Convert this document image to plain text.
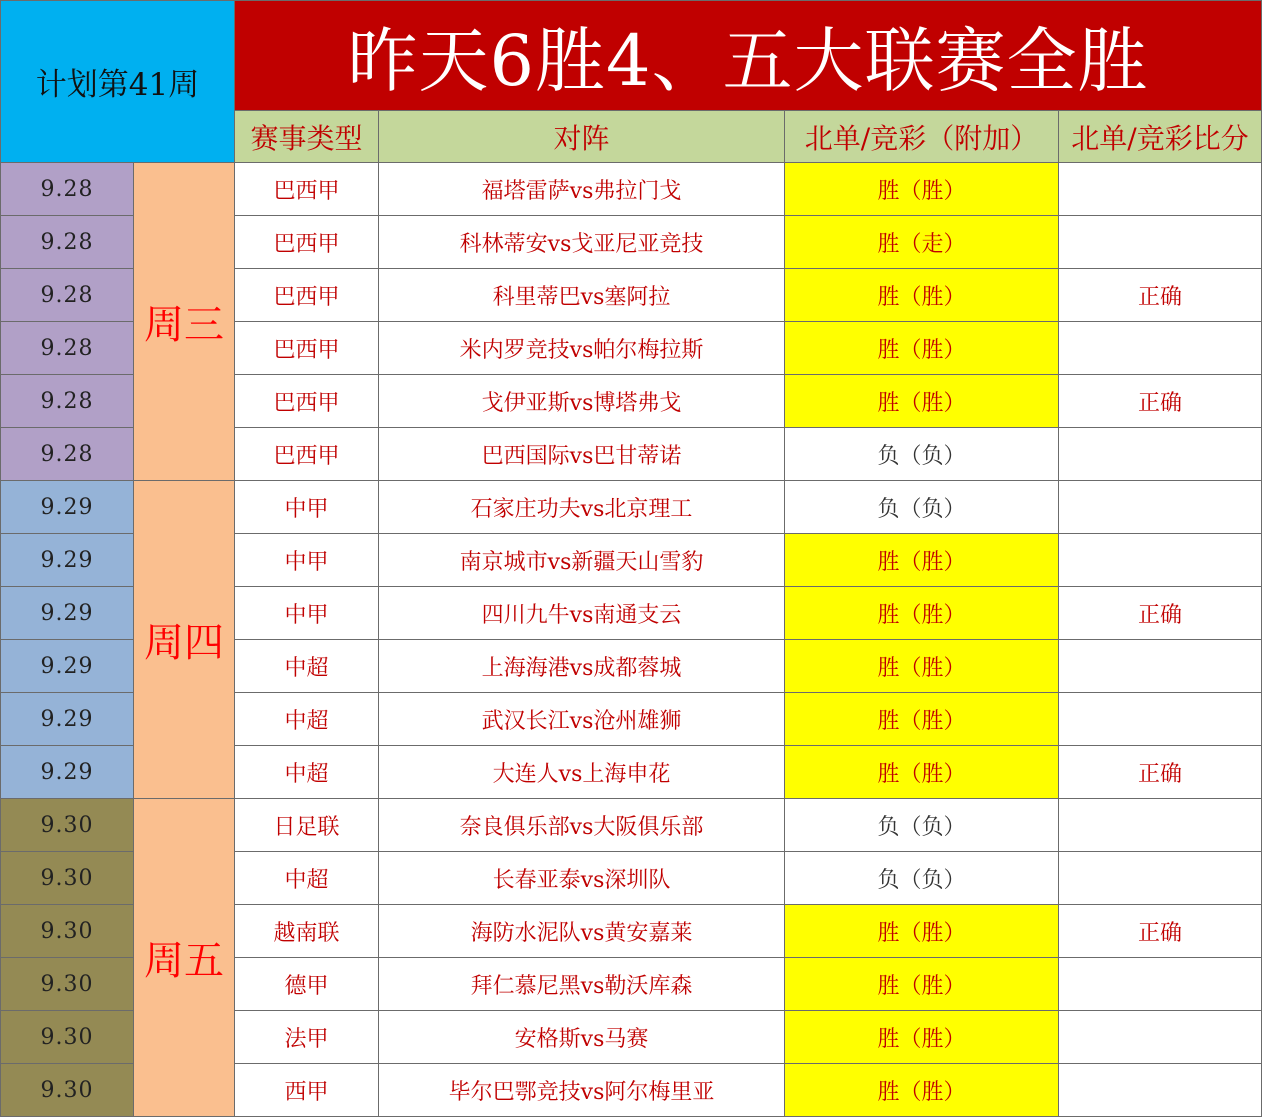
计划第41周		昨天6胜4、五大联赛全胜			
		赛事类型	对阵	北单/竞彩（附加）	北单/竞彩比分
9.28	周三	巴西甲	福塔雷萨vs弗拉门戈	胜（胜）	
9.28		巴西甲	科林蒂安vs戈亚尼亚竞技	胜（走）	
9.28		巴西甲	科里蒂巴vs塞阿拉	胜（胜）	正确
9.28		巴西甲	米内罗竞技vs帕尔梅拉斯	胜（胜）	
9.28		巴西甲	戈伊亚斯vs博塔弗戈	胜（胜）	正确
9.28		巴西甲	巴西国际vs巴甘蒂诺	负（负）	
9.29	周四	中甲	石家庄功夫vs北京理工	负（负）	
9.29		中甲	南京城市vs新疆天山雪豹	胜（胜）	
9.29		中甲	四川九牛vs南通支云	胜（胜）	正确
9.29		中超	上海海港vs成都蓉城	胜（胜）	
9.29		中超	武汉长江vs沧州雄狮	胜（胜）	
9.29		中超	大连人vs上海申花	胜（胜）	正确
9.30	周五	日足联	奈良俱乐部vs大阪俱乐部	负（负）	
9.30		中超	长春亚泰vs深圳队	负（负）	
9.30		越南联	海防水泥队vs黄安嘉莱	胜（胜）	正确
9.30		德甲	拜仁慕尼黑vs勒沃库森	胜（胜）	
9.30		法甲	安格斯vs马赛	胜（胜）	
9.30		西甲	毕尔巴鄂竞技vs阿尔梅里亚	胜（胜）	
